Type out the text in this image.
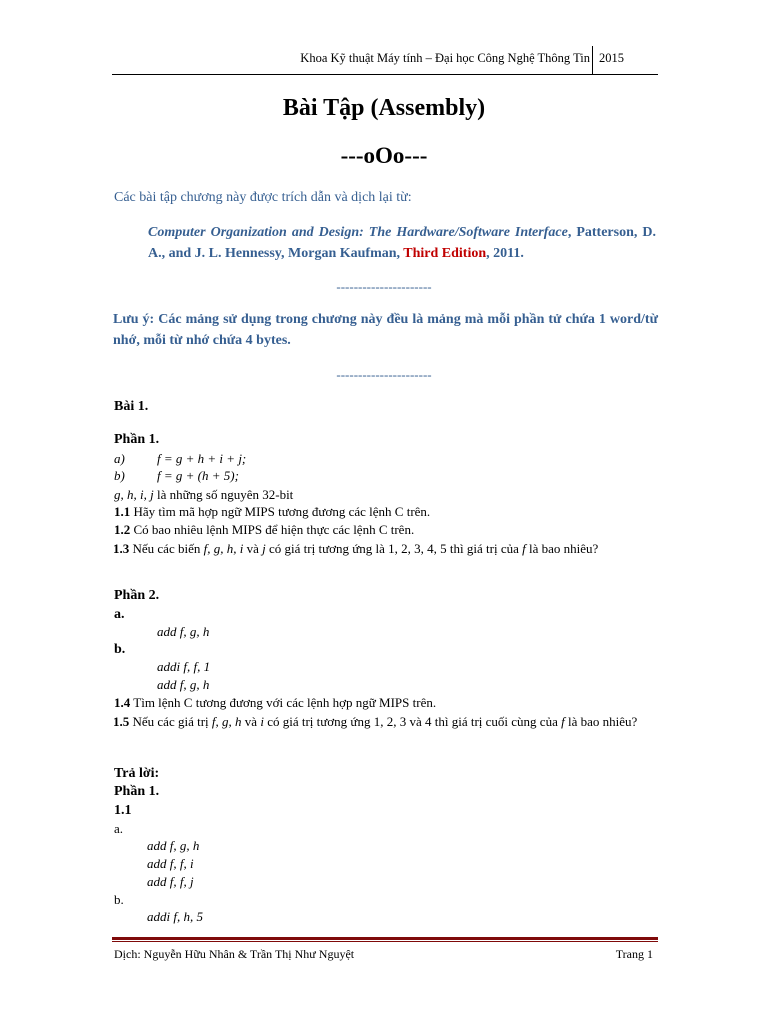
Khoa Kỹ thuật Máy tính – Đại học Công Nghệ Thông Tin 2015
Bài Tập (Assembly)
---oOo---
Các bài tập chương này được trích dẫn và dịch lại từ:
Computer Organization and Design: The Hardware/Software Interface, Patterson, D. A., and J. L. Hennessy, Morgan Kaufman, Third Edition, 2011.
----------------------
Lưu ý: Các mảng sử dụng trong chương này đều là mảng mà mỗi phần tử chứa 1 word/từ nhớ, mỗi từ nhớ chứa 4 bytes.
----------------------
Bài 1.
Phần 1.
a) f = g + h + i + j;
b) f = g + (h + 5);
g, h, i, j là những số nguyên 32-bit
1.1 Hãy tìm mã hợp ngữ MIPS tương đương các lệnh C trên.
1.2 Có bao nhiêu lệnh MIPS để hiện thực các lệnh C trên.
1.3 Nếu các biến f, g, h, i và j có giá trị tương ứng là 1, 2, 3, 4, 5 thì giá trị của f là bao nhiêu?
Phần 2.
a.
add f, g, h
b.
addi f, f, 1
add f, g, h
1.4 Tìm lệnh C tương đương với các lệnh hợp ngữ MIPS trên.
1.5 Nếu các giá trị f, g, h và i có giá trị tương ứng 1, 2, 3 và 4 thì giá trị cuối cùng của f là bao nhiêu?
Trả lời:
Phần 1.
1.1
a.
add f, g, h
add f, f, i
add f, f, j
b.
addi f, h, 5
Dịch: Nguyễn Hữu Nhân & Trần Thị Như Nguyệt	Trang 1
